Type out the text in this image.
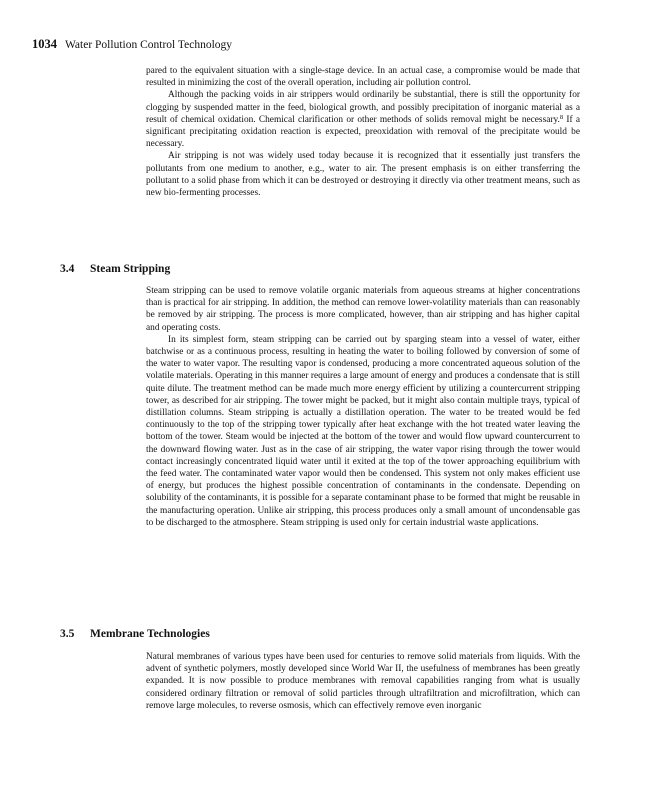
1034 Water Pollution Control Technology

pared to the equivalent situation with a single-stage device. In an actual case, a compromise would be made that resulted in minimizing the cost of the overall operation, including air pollution control.

Although the packing voids in air strippers would ordinarily be substantial, there is still the opportunity for clogging by suspended matter in the feed, biological growth, and possibly precipitation of inorganic material as a result of chemical oxidation. Chemical clarification or other methods of solids removal might be necessary.$^8$ If a significant precipitating oxidation reaction is expected, preoxidation with removal of the precipitate would be necessary.

Air stripping is not was widely used today because it is recognized that it essentially just transfers the pollutants from one medium to another, e.g., water to air. The present emphasis is on either transferring the pollutant to a solid phase from which it can be destroyed or destroying it directly via other treatment means, such as new bio-fermenting processes.

3.4 Steam Stripping

Steam stripping can be used to remove volatile organic materials from aqueous streams at higher concentrations than is practical for air stripping. In addition, the method can remove lower-volatility materials than can reasonably be removed by air stripping. The process is more complicated, however, than air stripping and has higher capital and operating costs.

In its simplest form, steam stripping can be carried out by sparging steam into a vessel of water, either batchwise or as a continuous process, resulting in heating the water to boiling followed by conversion of some of the water to water vapor. The resulting vapor is condensed, producing a more concentrated aqueous solution of the volatile materials. Operating in this manner requires a large amount of energy and produces a condensate that is still quite dilute. The treatment method can be made much more energy efficient by utilizing a countercurrent stripping tower, as described for air stripping. The tower might be packed, but it might also contain multiple trays, typical of distillation columns. Steam stripping is actually a distillation operation. The water to be treated would be fed continuously to the top of the stripping tower typically after heat exchange with the hot treated water leaving the bottom of the tower. Steam would be injected at the bottom of the tower and would flow upward countercurrent to the downward flowing water. Just as in the case of air stripping, the water vapor rising through the tower would contact increasingly concentrated liquid water until it exited at the top of the tower approaching equilibrium with the feed water. The contaminated water vapor would then be condensed. This system not only makes efficient use of energy, but produces the highest possible concentration of contaminants in the condensate. Depending on solubility of the contaminants, it is possible for a separate contaminant phase to be formed that might be reusable in the manufacturing operation. Unlike air stripping, this process produces only a small amount of uncondensable gas to be discharged to the atmosphere. Steam stripping is used only for certain industrial waste applications.

3.5 Membrane Technologies

Natural membranes of various types have been used for centuries to remove solid materials from liquids. With the advent of synthetic polymers, mostly developed since World War II, the usefulness of membranes has been greatly expanded. It is now possible to produce membranes with removal capabilities ranging from what is usually considered ordinary filtration or removal of solid particles through ultrafiltration and microfiltration, which can remove large molecules, to reverse osmosis, which can effectively remove even inorganic
